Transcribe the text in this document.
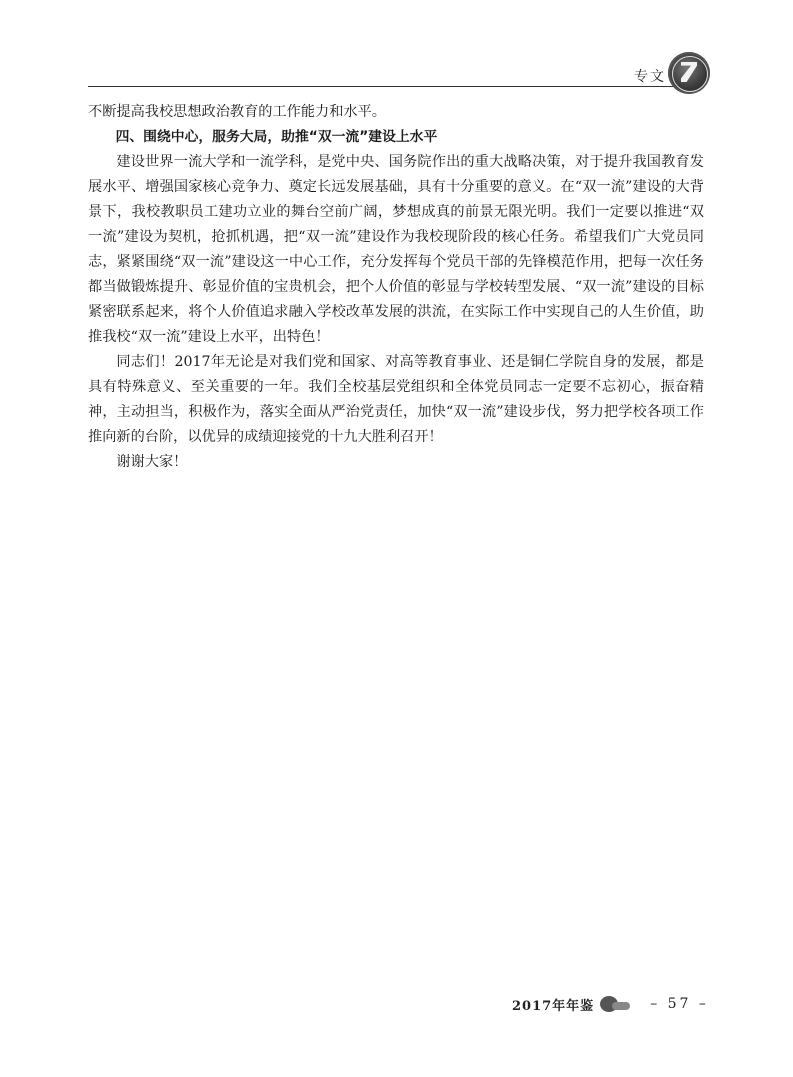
专文

不断提高我校思想政治教育的工作能力和水平。

四、围绕中心，服务大局，助推“双一流”建设上水平

建设世界一流大学和一流学科，是党中央、国务院作出的重大战略决策，对于提升我国教育发展水平、增强国家核心竞争力、奠定长远发展基础，具有十分重要的意义。在“双一流”建设的大背景下，我校教职员工建功立业的舞台空前广阔，梦想成真的前景无限光明。我们一定要以推进“双一流”建设为契机，抢抓机遇，把“双一流”建设作为我校现阶段的核心任务。希望我们广大党员同志，紧紧围绕“双一流”建设这一中心工作，充分发挥每个党员干部的先锋模范作用，把每一次任务都当做锻炼提升、彰显价值的宝贵机会，把个人价值的彰显与学校转型发展、“双一流”建设的目标紧密联系起来，将个人价值追求融入学校改革发展的洪流，在实际工作中实现自己的人生价值，助推我校“双一流”建设上水平，出特色！

同志们！2017年无论是对我们党和国家、对高等教育事业、还是铜仁学院自身的发展，都是具有特殊意义、至关重要的一年。我们全校基层党组织和全体党员同志一定要不忘初心，振奋精神，主动担当，积极作为，落实全面从严治党责任，加快“双一流”建设步伐，努力把学校各项工作推向新的台阶，以优异的成绩迎接党的十九大胜利召开！

谢谢大家！

2017年年鉴	– 57 –
